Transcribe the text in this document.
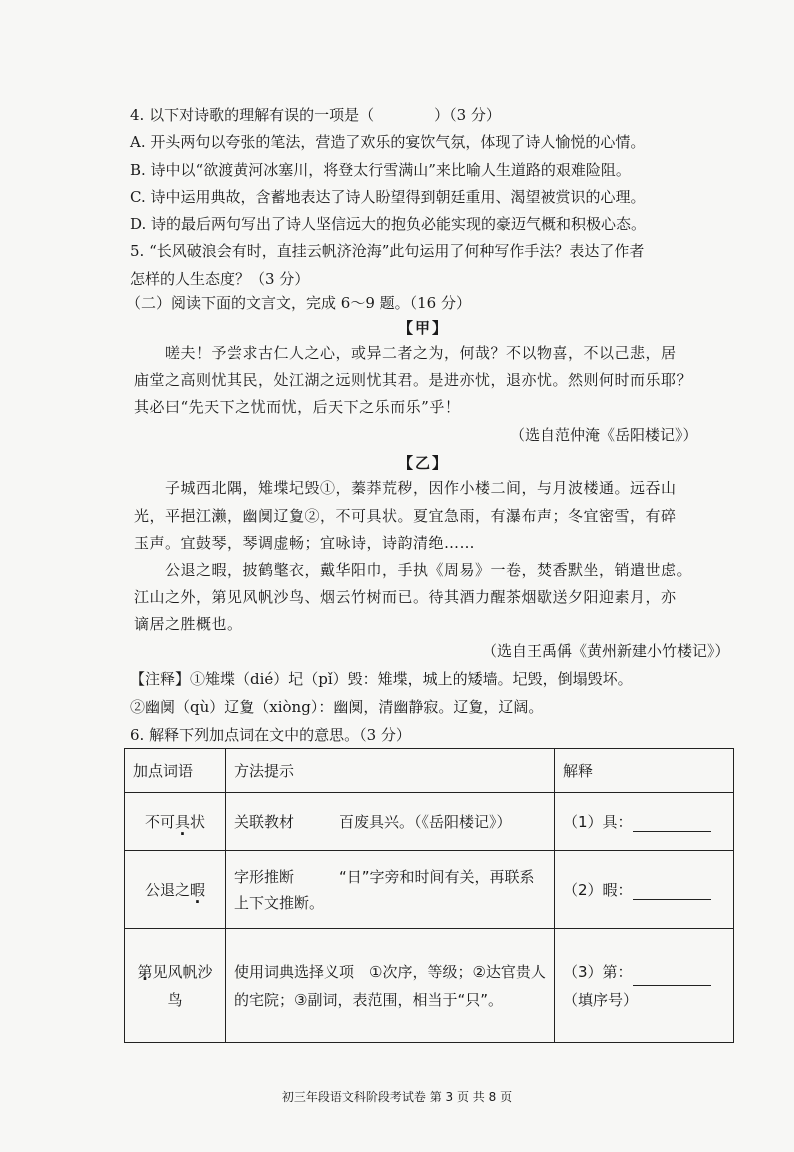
4. 以下对诗歌的理解有误的一项是（　　　　）（3 分）
A. 开头两句以夸张的笔法，营造了欢乐的宴饮气氛，体现了诗人愉悦的心情。
B. 诗中以“欲渡黄河冰塞川，将登太行雪满山”来比喻人生道路的艰难险阻。
C. 诗中运用典故，含蓄地表达了诗人盼望得到朝廷重用、渴望被赏识的心理。
D. 诗的最后两句写出了诗人坚信远大的抱负必能实现的豪迈气概和积极心态。
5. “长风破浪会有时，直挂云帆济沧海”此句运用了何种写作手法？表达了作者
怎样的人生态度？（3 分）
（二）阅读下面的文言文，完成 6～9 题。（16 分）
【甲】
　　嗟夫！予尝求古仁人之心，或异二者之为，何哉？不以物喜，不以己悲，居
庙堂之高则忧其民，处江湖之远则忧其君。是进亦忧，退亦忧。然则何时而乐耶？
其必曰“先天下之忧而忧，后天下之乐而乐”乎！
（选自范仲淹《岳阳楼记》）
【乙】
　　子城西北隅，雉堞圮毁①，蓁莽荒秽，因作小楼二间，与月波楼通。远吞山
光，平挹江濑，幽阒辽夐②，不可具状。夏宜急雨，有瀑布声；冬宜密雪，有碎
玉声。宜鼓琴，琴调虚畅；宜咏诗，诗韵清绝……
　　公退之暇，披鹤氅衣，戴华阳巾，手执《周易》一卷，焚香默坐，销遣世虑。
江山之外，第见风帆沙鸟、烟云竹树而已。待其酒力醒茶烟歇送夕阳迎素月，亦
谪居之胜概也。
（选自王禹偁《黄州新建小竹楼记》）
【注释】①雉堞（dié）圮（pǐ）毁：雉堞，城上的矮墙。圮毁，倒塌毁坏。
②幽阒（qù）辽夐（xiòng）：幽阒，清幽静寂。辽夐，辽阔。
6. 解释下列加点词在文中的意思。（3 分）
加点词语	方法提示	解释
不可具状	关联教材　　　百废具兴。（《岳阳楼记》）	（1）具：
公退之暇	字形推断　　　“日”字旁和时间有关，再联系上下文推断。	（2）暇：
第见风帆沙鸟	使用词典选择义项　①次序，等级；②达官贵人的宅院；③副词，表范围，相当于“只”。	（3）第：
（填序号）
初三年段语文科阶段考试卷 第 3 页 共 8 页
